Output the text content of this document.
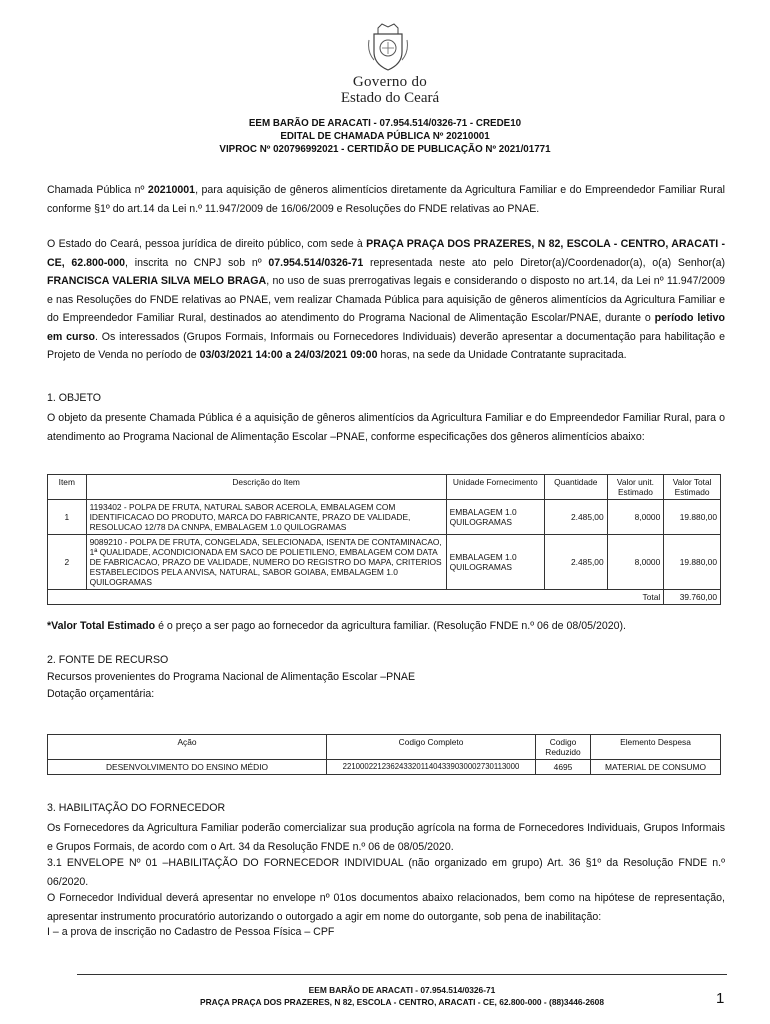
Governo do
Estado do Ceará
EEM BARÃO DE ARACATI - 07.954.514/0326-71 - CREDE10
EDITAL DE CHAMADA PÚBLICA Nº 20210001
VIPROC Nº 020796992021 - CERTIDÃO DE PUBLICAÇÃO Nº 2021/01771
Chamada Pública nº 20210001, para aquisição de gêneros alimentícios diretamente da Agricultura Familiar e do Empreendedor Familiar Rural conforme §1º do art.14 da Lei n.º 11.947/2009 de 16/06/2009 e Resoluções do FNDE relativas ao PNAE.
O Estado do Ceará, pessoa jurídica de direito público, com sede à PRAÇA PRAÇA DOS PRAZERES, N 82, ESCOLA - CENTRO, ARACATI - CE, 62.800-000, inscrita no CNPJ sob nº 07.954.514/0326-71 representada neste ato pelo Diretor(a)/Coordenador(a), o(a) Senhor(a) FRANCISCA VALERIA SILVA MELO BRAGA, no uso de suas prerrogativas legais e considerando o disposto no art.14, da Lei nº 11.947/2009 e nas Resoluções do FNDE relativas ao PNAE, vem realizar Chamada Pública para aquisição de gêneros alimentícios da Agricultura Familiar e do Empreendedor Familiar Rural, destinados ao atendimento do Programa Nacional de Alimentação Escolar/PNAE, durante o período letivo em curso. Os interessados (Grupos Formais, Informais ou Fornecedores Individuais) deverão apresentar a documentação para habilitação e Projeto de Venda no período de 03/03/2021 14:00 a 24/03/2021 09:00 horas, na sede da Unidade Contratante supracitada.
1. OBJETO
O objeto da presente Chamada Pública é a aquisição de gêneros alimentícios da Agricultura Familiar e do Empreendedor Familiar Rural, para o atendimento ao Programa Nacional de Alimentação Escolar –PNAE, conforme especificações dos gêneros alimentícios abaixo:
Item	Descrição do Item	Unidade Fornecimento	Quantidade	Valor unit. Estimado	Valor Total Estimado
1	1193402 - POLPA DE FRUTA, NATURAL SABOR ACEROLA, EMBALAGEM COM IDENTIFICACAO DO PRODUTO, MARCA DO FABRICANTE, PRAZO DE VALIDADE, RESOLUCAO 12/78 DA CNNPA, EMBALAGEM 1.0 QUILOGRAMAS	EMBALAGEM 1.0 QUILOGRAMAS	2.485,00	8,0000	19.880,00
2	9089210 - POLPA DE FRUTA, CONGELADA, SELECIONADA, ISENTA DE CONTAMINACAO, 1ª QUALIDADE, ACONDICIONADA EM SACO DE POLIETILENO, EMBALAGEM COM DATA DE FABRICACAO, PRAZO DE VALIDADE, NUMERO DO REGISTRO DO MAPA, CRITERIOS ESTABELECIDOS PELA ANVISA, NATURAL, SABOR GOIABA, EMBALAGEM 1.0 QUILOGRAMAS	EMBALAGEM 1.0 QUILOGRAMAS	2.485,00	8,0000	19.880,00
Total					39.760,00
*Valor Total Estimado é o preço a ser pago ao fornecedor da agricultura familiar. (Resolução FNDE n.º 06 de 08/05/2020).
2. FONTE DE RECURSO
Recursos provenientes do Programa Nacional de Alimentação Escolar –PNAE
Dotação orçamentária:
Ação	Codigo Completo	Codigo Reduzido	Elemento Despesa
DESENVOLVIMENTO DO ENSINO MÉDIO	22100022123624332011404339030002730113000	4695	MATERIAL DE CONSUMO
3. HABILITAÇÃO DO FORNECEDOR
Os Fornecedores da Agricultura Familiar poderão comercializar sua produção agrícola na forma de Fornecedores Individuais, Grupos Informais e Grupos Formais, de acordo com o Art. 34 da Resolução FNDE n.º 06 de 08/05/2020.
3.1 ENVELOPE Nº 01 –HABILITAÇÃO DO FORNECEDOR INDIVIDUAL (não organizado em grupo) Art. 36 §1º da Resolução FNDE n.º 06/2020.
O Fornecedor Individual deverá apresentar no envelope nº 01os documentos abaixo relacionados, bem como na hipótese de representação, apresentar instrumento procuratório autorizando o outorgado a agir em nome do outorgante, sob pena de inabilitação:
I – a prova de inscrição no Cadastro de Pessoa Física – CPF
EEM BARÃO DE ARACATI - 07.954.514/0326-71
PRAÇA PRAÇA DOS PRAZERES, N 82, ESCOLA - CENTRO, ARACATI - CE, 62.800-000 - (88)3446-2608	1
